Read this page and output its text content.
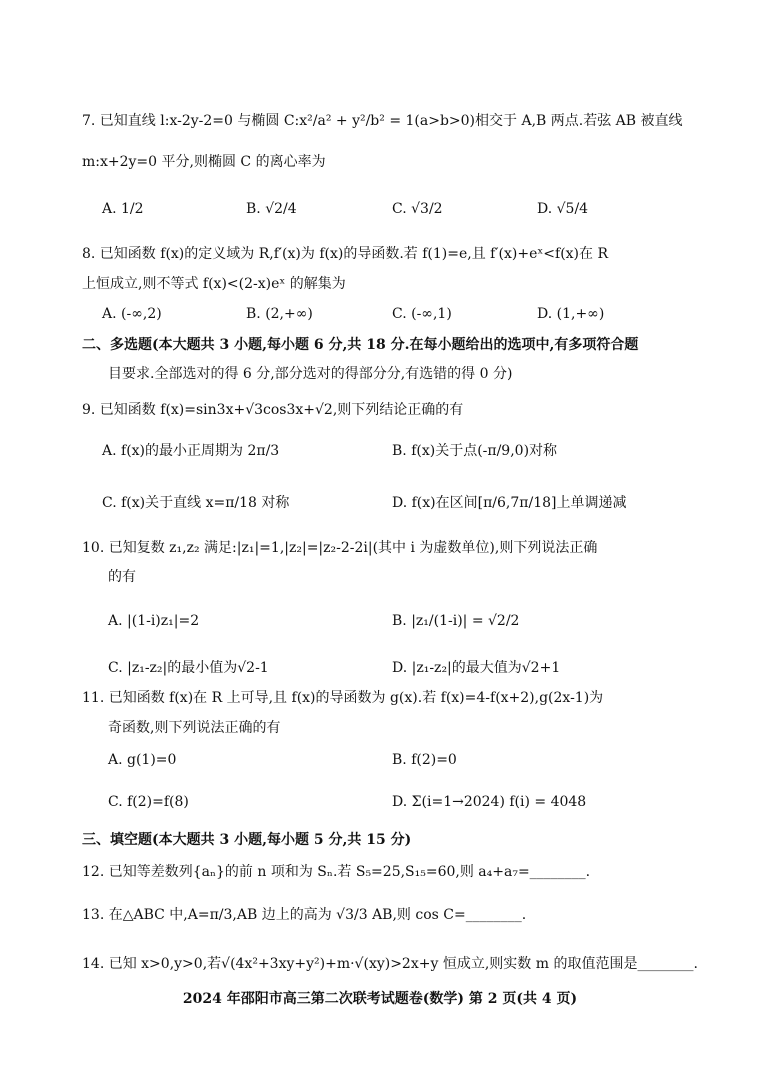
7. 已知直线 l:x-2y-2=0 与椭圆 C:x²/a² + y²/b² = 1(a>b>0)相交于 A,B 两点.若弦 AB 被直线
m:x+2y=0 平分,则椭圆 C 的离心率为
A. 1/2	B. √2/4	C. √3/2	D. √5/4
8. 已知函数 f(x)的定义域为 R,f′(x)为 f(x)的导函数.若 f(1)=e,且 f′(x)+eˣ<f(x)在 R
上恒成立,则不等式 f(x)<(2-x)eˣ 的解集为
A. (-∞,2)	B. (2,+∞)	C. (-∞,1)	D. (1,+∞)
二、多选题(本大题共 3 小题,每小题 6 分,共 18 分.在每小题给出的选项中,有多项符合题
目要求.全部选对的得 6 分,部分选对的得部分分,有选错的得 0 分)
9. 已知函数 f(x)=sin3x+√3cos3x+√2,则下列结论正确的有
A. f(x)的最小正周期为 2π/3	B. f(x)关于点(-π/9,0)对称
C. f(x)关于直线 x=π/18 对称	D. f(x)在区间[π/6,7π/18]上单调递减
10. 已知复数 z₁,z₂ 满足:|z₁|=1,|z₂|=|z₂-2-2i|(其中 i 为虚数单位),则下列说法正确
的有
A. |(1-i)z₁|=2	B. |z₁/(1-i)| = √2/2
C. |z₁-z₂|的最小值为√2-1	D. |z₁-z₂|的最大值为√2+1
11. 已知函数 f(x)在 R 上可导,且 f(x)的导函数为 g(x).若 f(x)=4-f(x+2),g(2x-1)为
奇函数,则下列说法正确的有
A. g(1)=0	B. f(2)=0
C. f(2)=f(8)	D. Σ(i=1→2024) f(i) = 4048
三、填空题(本大题共 3 小题,每小题 5 分,共 15 分)
12. 已知等差数列{aₙ}的前 n 项和为 Sₙ.若 S₅=25,S₁₅=60,则 a₄+a₇=________.
13. 在△ABC 中,A=π/3,AB 边上的高为 √3/3 AB,则 cos C=________.
14. 已知 x>0,y>0,若√(4x²+3xy+y²)+m·√(xy)>2x+y 恒成立,则实数 m 的取值范围是________.
2024 年邵阳市高三第二次联考试题卷(数学) 第 2 页(共 4 页)
